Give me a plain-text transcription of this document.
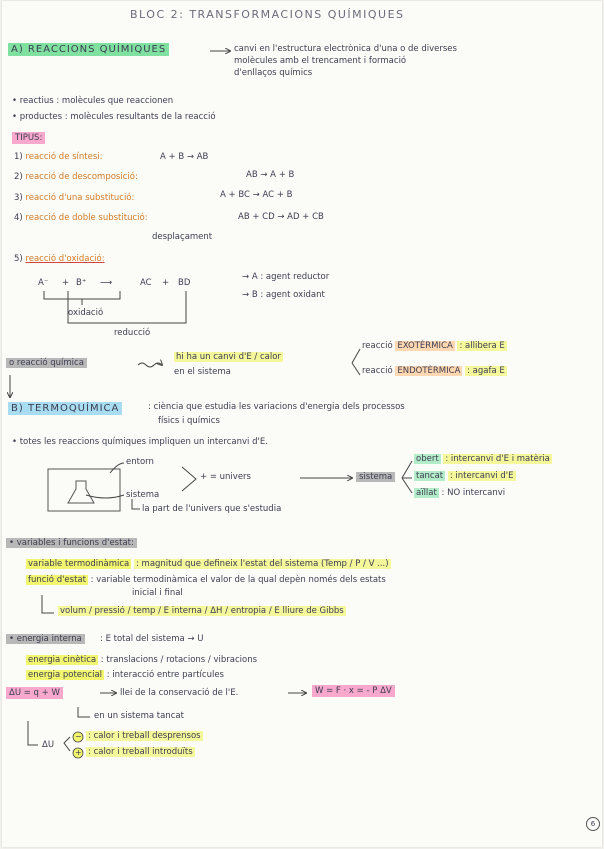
BLOC 2: TRANSFORMACIONS QUÍMIQUES
A) REACCIONS QUÍMIQUES	canvi en l'estructura electrònica d'una o de diverses
molècules amb el trencament i formació
d'enllaços químics
• reactius : molècules que reaccionen
• productes : molècules resultants de la reacció
TIPUS:
1) reacció de síntesi:	A + B → AB
2) reacció de descomposició:	AB → A + B
3) reacció d'una substitució:	A + BC → AC + B
4) reacció de doble substitució:	AB + CD → AD + CB
desplaçament
5) reacció d'oxidació:
A⁻ + B⁺ ⟶	AC + BD
→ A : agent reductor
→ B : agent oxidant
oxidació
reducció
o reacció química
hi ha un canvi d'E / calor
en el sistema
reacció EXOTÈRMICA : allibera E
reacció ENDOTÈRMICA : agafa E
B) TERMOQUÍMICA	: ciència que estudia les variacions d'energia dels processos
físics i químics
• totes les reaccions químiques impliquen un intercanvi d'E.
entorn
sistema
+ = univers	sistema
la part de l'univers que s'estudia
obert : intercanvi d'E i matèria
tancat : intercanvi d'E
aïllat : NO intercanvi
• variables i funcions d'estat:
variable termodinàmica : magnitud que defineix l'estat del sistema (Temp / P / V ...)
funció d'estat : variable termodinàmica el valor de la qual depèn només dels estats
inicial i final
volum / pressió / temp / E interna / ΔH / entropia / E lliure de Gibbs
• energia interna	: E total del sistema → U
energia cinètica : translacions / rotacions / vibracions
energia potencial : interacció entre partícules
ΔU = q + W	llei de la conservació de l'E.	W = F · x = - P ΔV
en un sistema tancat
ΔU
−
+
: calor i treball desprensos
: calor i treball introduïts
6
